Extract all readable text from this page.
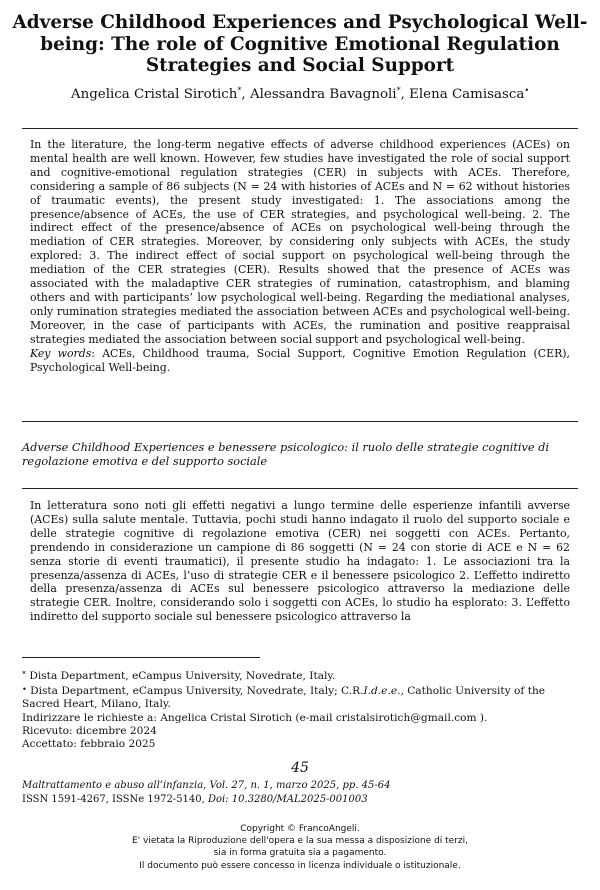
Adverse Childhood Experiences and Psychological Well-being: The role of Cognitive Emotional Regulation Strategies and Social Support
Angelica Cristal Sirotich*, Alessandra Bavagnoli*, Elena Camisasca•

In the literature, the long-term negative effects of adverse childhood experiences (ACEs) on mental health are well known. However, few studies have investigated the role of social support and cognitive-emotional regulation strategies (CER) in subjects with ACEs. Therefore, considering a sample of 86 subjects (N = 24 with histories of ACEs and N = 62 without histories of traumatic events), the present study investigated: 1. The associations among the presence/absence of ACEs, the use of CER strategies, and psychological well-being. 2. The indirect effect of the presence/absence of ACEs on psychological well-being through the mediation of CER strategies. Moreover, by considering only subjects with ACEs, the study explored: 3. The indirect effect of social support on psychological well-being through the mediation of the CER strategies (CER). Results showed that the presence of ACEs was associated with the maladaptive CER strategies of rumination, catastrophism, and blaming others and with participants’ low psychological well-being. Regarding the mediational analyses, only rumination strategies mediated the association between ACEs and psychological well-being. Moreover, in the case of participants with ACEs, the rumination and positive reappraisal strategies mediated the association between social support and psychological well-being.

Key words: ACEs, Childhood trauma, Social Support, Cognitive Emotion Regulation (CER), Psychological Well-being.

Adverse Childhood Experiences e benessere psicologico: il ruolo delle strategie cognitive di regolazione emotiva e del supporto sociale

In letteratura sono noti gli effetti negativi a lungo termine delle esperienze infantili avverse (ACEs) sulla salute mentale. Tuttavia, pochi studi hanno indagato il ruolo del supporto sociale e delle strategie cognitive di regolazione emotiva (CER) nei soggetti con ACEs. Pertanto, prendendo in considerazione un campione di 86 soggetti (N = 24 con storie di ACE e N = 62 senza storie di eventi traumatici), il presente studio ha indagato: 1. Le associazioni tra la presenza/assenza di ACEs, l’uso di strategie CER e il benessere psicologico 2. L’effetto indiretto della presenza/assenza di ACEs sul benessere psicologico attraverso la mediazione delle strategie CER. Inoltre, considerando solo i soggetti con ACEs, lo studio ha esplorato: 3. L’effetto indiretto del supporto sociale sul benessere psicologico attraverso la

* Dista Department, eCampus University, Novedrate, Italy.

• Dista Department, eCampus University, Novedrate, Italy; C.R.I.d.e.e., Catholic University of the Sacred Heart, Milano, Italy.

Indirizzare le richieste a: Angelica Cristal Sirotich (e-mail cristalsirotich@gmail.com ).

Ricevuto: dicembre 2024

Accettato: febbraio 2025

45
Maltrattamento e abuso all’infanzia, Vol. 27, n. 1, marzo 2025, pp. 45-64
ISSN 1591-4267, ISSNe 1972-5140, Doi: 10.3280/MAL2025-001003

Copyright © FrancoAngeli.

E' vietata la Riproduzione dell'opera e la sua messa a disposizione di terzi,

sia in forma gratuita sia a pagamento.

Il documento può essere concesso in licenza individuale o istituzionale.
